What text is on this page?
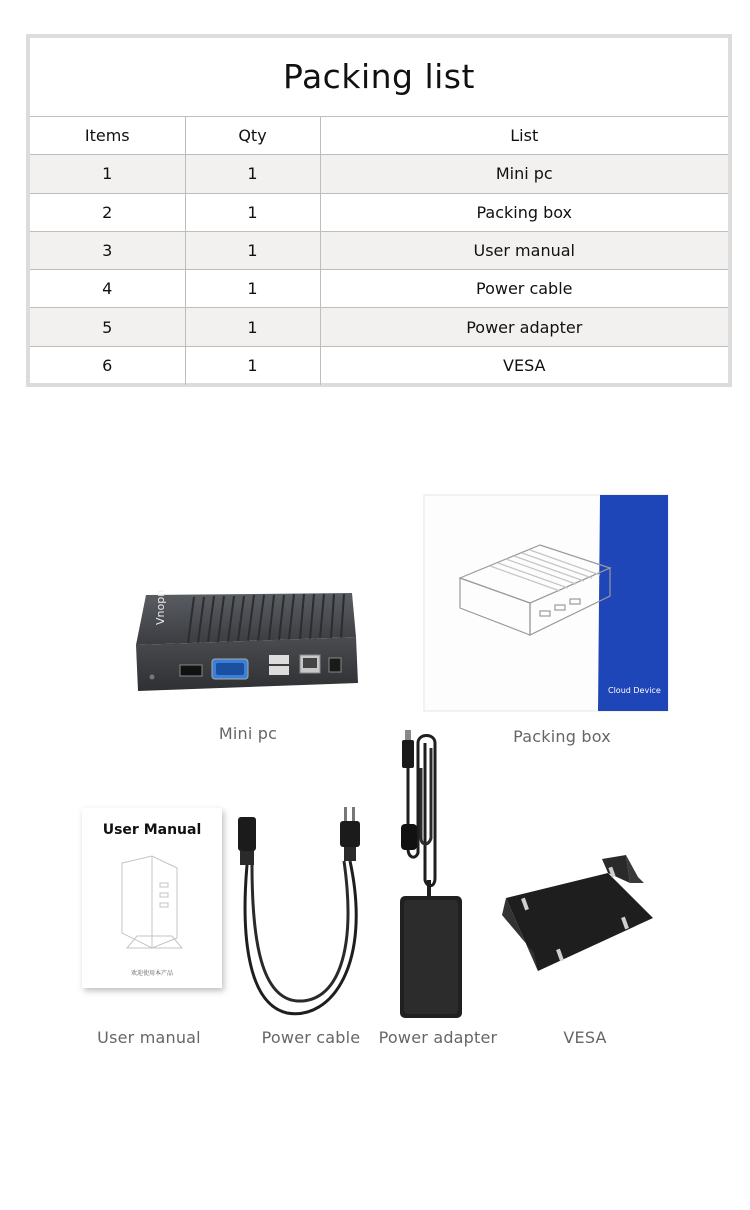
Packing list
Items	Qty	List
1	1	Mini pc
2	1	Packing box
3	1	User manual
4	1	Power cable
5	1	Power adapter
6	1	VESA
Vnopn
Mini pc
Cloud Device
Packing box
User Manual
欢迎使用本产品
User manual	Power cable	Power adapter	VESA
